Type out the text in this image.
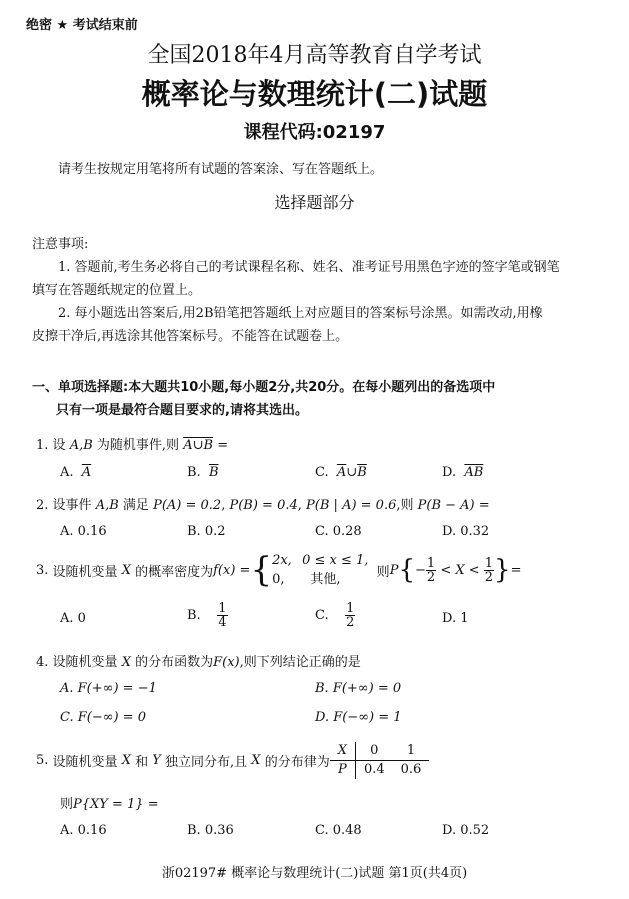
绝密 ★ 考试结束前
全国2018年4月高等教育自学考试
概率论与数理统计(二)试题
课程代码:02197
请考生按规定用笔将所有试题的答案涂、写在答题纸上。
选择题部分
注意事项:
1. 答题前,考生务必将自己的考试课程名称、姓名、准考证号用黑色字迹的签字笔或钢笔
填写在答题纸规定的位置上。
2. 每小题选出答案后,用2B铅笔把答题纸上对应题目的答案标号涂黑。如需改动,用橡
皮擦干净后,再选涂其他答案标号。不能答在试题卷上。
一、单项选择题:本大题共10小题,每小题2分,共20分。在每小题列出的备选项中
只有一项是最符合题目要求的,请将其选出。
1. 设 A,B 为随机事件,则 A∪B =
A. $\overline{A}$	B. $\overline{B}$	C. $\overline{A}\cup\overline{B}$	D. $\overline{AB}$
2. 设事件 A,B 满足 P(A) = 0.2, P(B) = 0.4, P(B | A) = 0.6,则 P(B − A) =
A. 0.16	B. 0.2	C. 0.28	D. 0.32
3.
设随机变量
X
的概率密度为 f(x) = { 2x, 0 ≤ x ≤ 1,
0, 其他,
	则 P { − $\frac{1}{2}$
< X <
$\frac{1}{2}$ } =
A. 0	B.
$\frac{1}{4}$	C.
$\frac{1}{2}$	D. 1
4. 设随机变量 X 的分布函数为F(x),则下列结论正确的是
A. F(+∞) = −1	B. F(+∞) = 0
C. F(−∞) = 0	D. F(−∞) = 1
5.
设随机变量
X
和
Y
独立同分布,且
X
的分布律为
X	0	1
P	0.4	0.6
则P{XY = 1} =
A. 0.16	B. 0.36	C. 0.48	D. 0.52
浙02197# 概率论与数理统计(二)试题 第1页(共4页)
